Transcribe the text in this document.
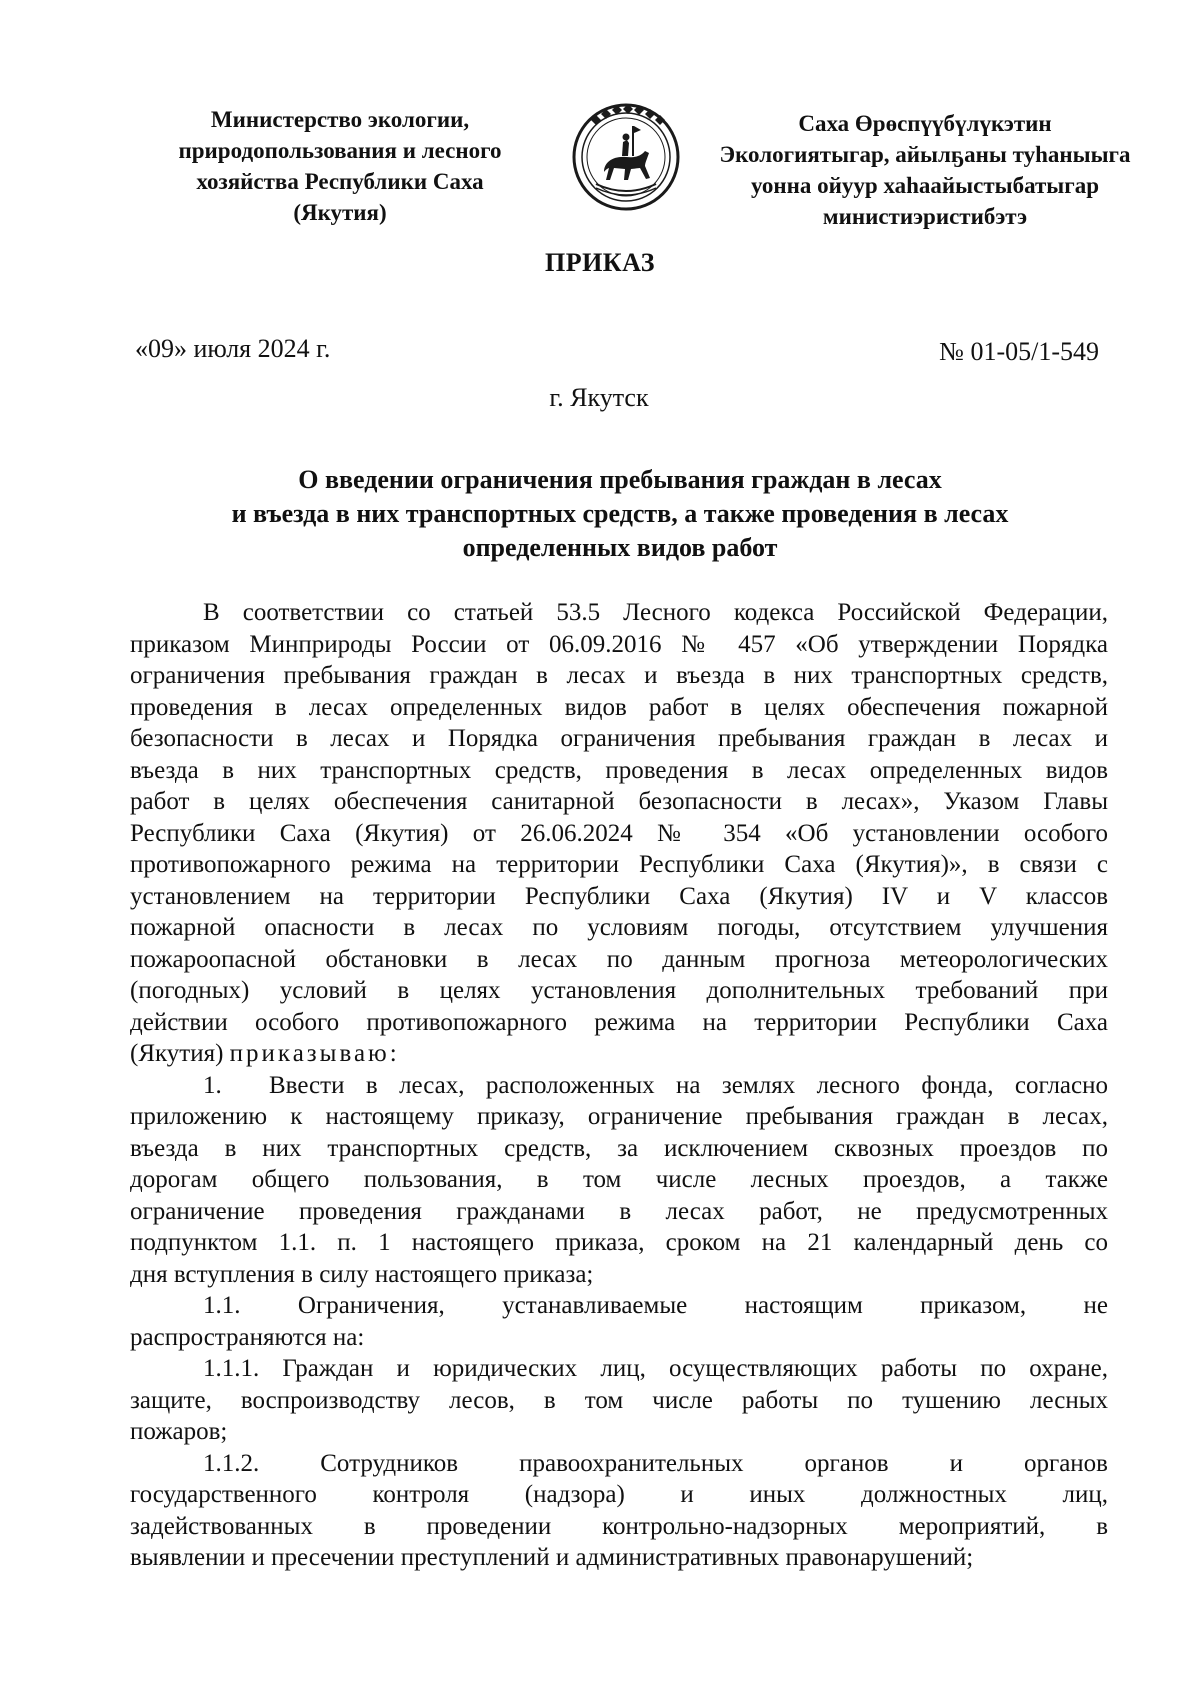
Министерство экологии,
природопользования и лесного
хозяйства Республики Саха
(Якутия)
Саха Өрөспүүбүлүкэтин
Экологиятыгар, айылҕаны туһаныыга
уонна ойуур хаһаайыстыбатыгар
министиэристибэтэ
ПРИКАЗ
«09» июля 2024 г.	№ 01-05/1-549
г. Якутск
О введении ограничения пребывания граждан в лесах
и въезда в них транспортных средств, а также проведения в лесах
определенных видов работ

В соответствии со статьей 53.5 Лесного кодекса Российской Федерации,
приказом Минприроды России от 06.09.2016 № 457 «Об утверждении Порядка
ограничения пребывания граждан в лесах и въезда в них транспортных средств,
проведения в лесах определенных видов работ в целях обеспечения пожарной
безопасности в лесах и Порядка ограничения пребывания граждан в лесах и
въезда в них транспортных средств, проведения в лесах определенных видов
работ в целях обеспечения санитарной безопасности в лесах», Указом Главы
Республики Саха (Якутия) от 26.06.2024 № 354 «Об установлении особого
противопожарного режима на территории Республики Саха (Якутия)», в связи с
установлением на территории Республики Саха (Якутия) IV и V классов
пожарной опасности в лесах по условиям погоды, отсутствием улучшения
пожароопасной обстановки в лесах по данным прогноза метеорологических
(погодных) условий в целях установления дополнительных требований при
действии особого противопожарного режима на территории Республики Саха
(Якутия) приказываю:

1. Ввести в лесах, расположенных на землях лесного фонда, согласно
приложению к настоящему приказу, ограничение пребывания граждан в лесах,
въезда в них транспортных средств, за исключением сквозных проездов по
дорогам общего пользования, в том числе лесных проездов, а также
ограничение проведения гражданами в лесах работ, не предусмотренных
подпунктом 1.1. п. 1 настоящего приказа, сроком на 21 календарный день со
дня вступления в силу настоящего приказа;

1.1. Ограничения, устанавливаемые настоящим приказом, не
распространяются на:

1.1.1. Граждан и юридических лиц, осуществляющих работы по охране,
защите, воспроизводству лесов, в том числе работы по тушению лесных
пожаров;

1.1.2. Сотрудников правоохранительных органов и органов
государственного контроля (надзора) и иных должностных лиц,
задействованных в проведении контрольно-надзорных мероприятий, в
выявлении и пресечении преступлений и административных правонарушений;
